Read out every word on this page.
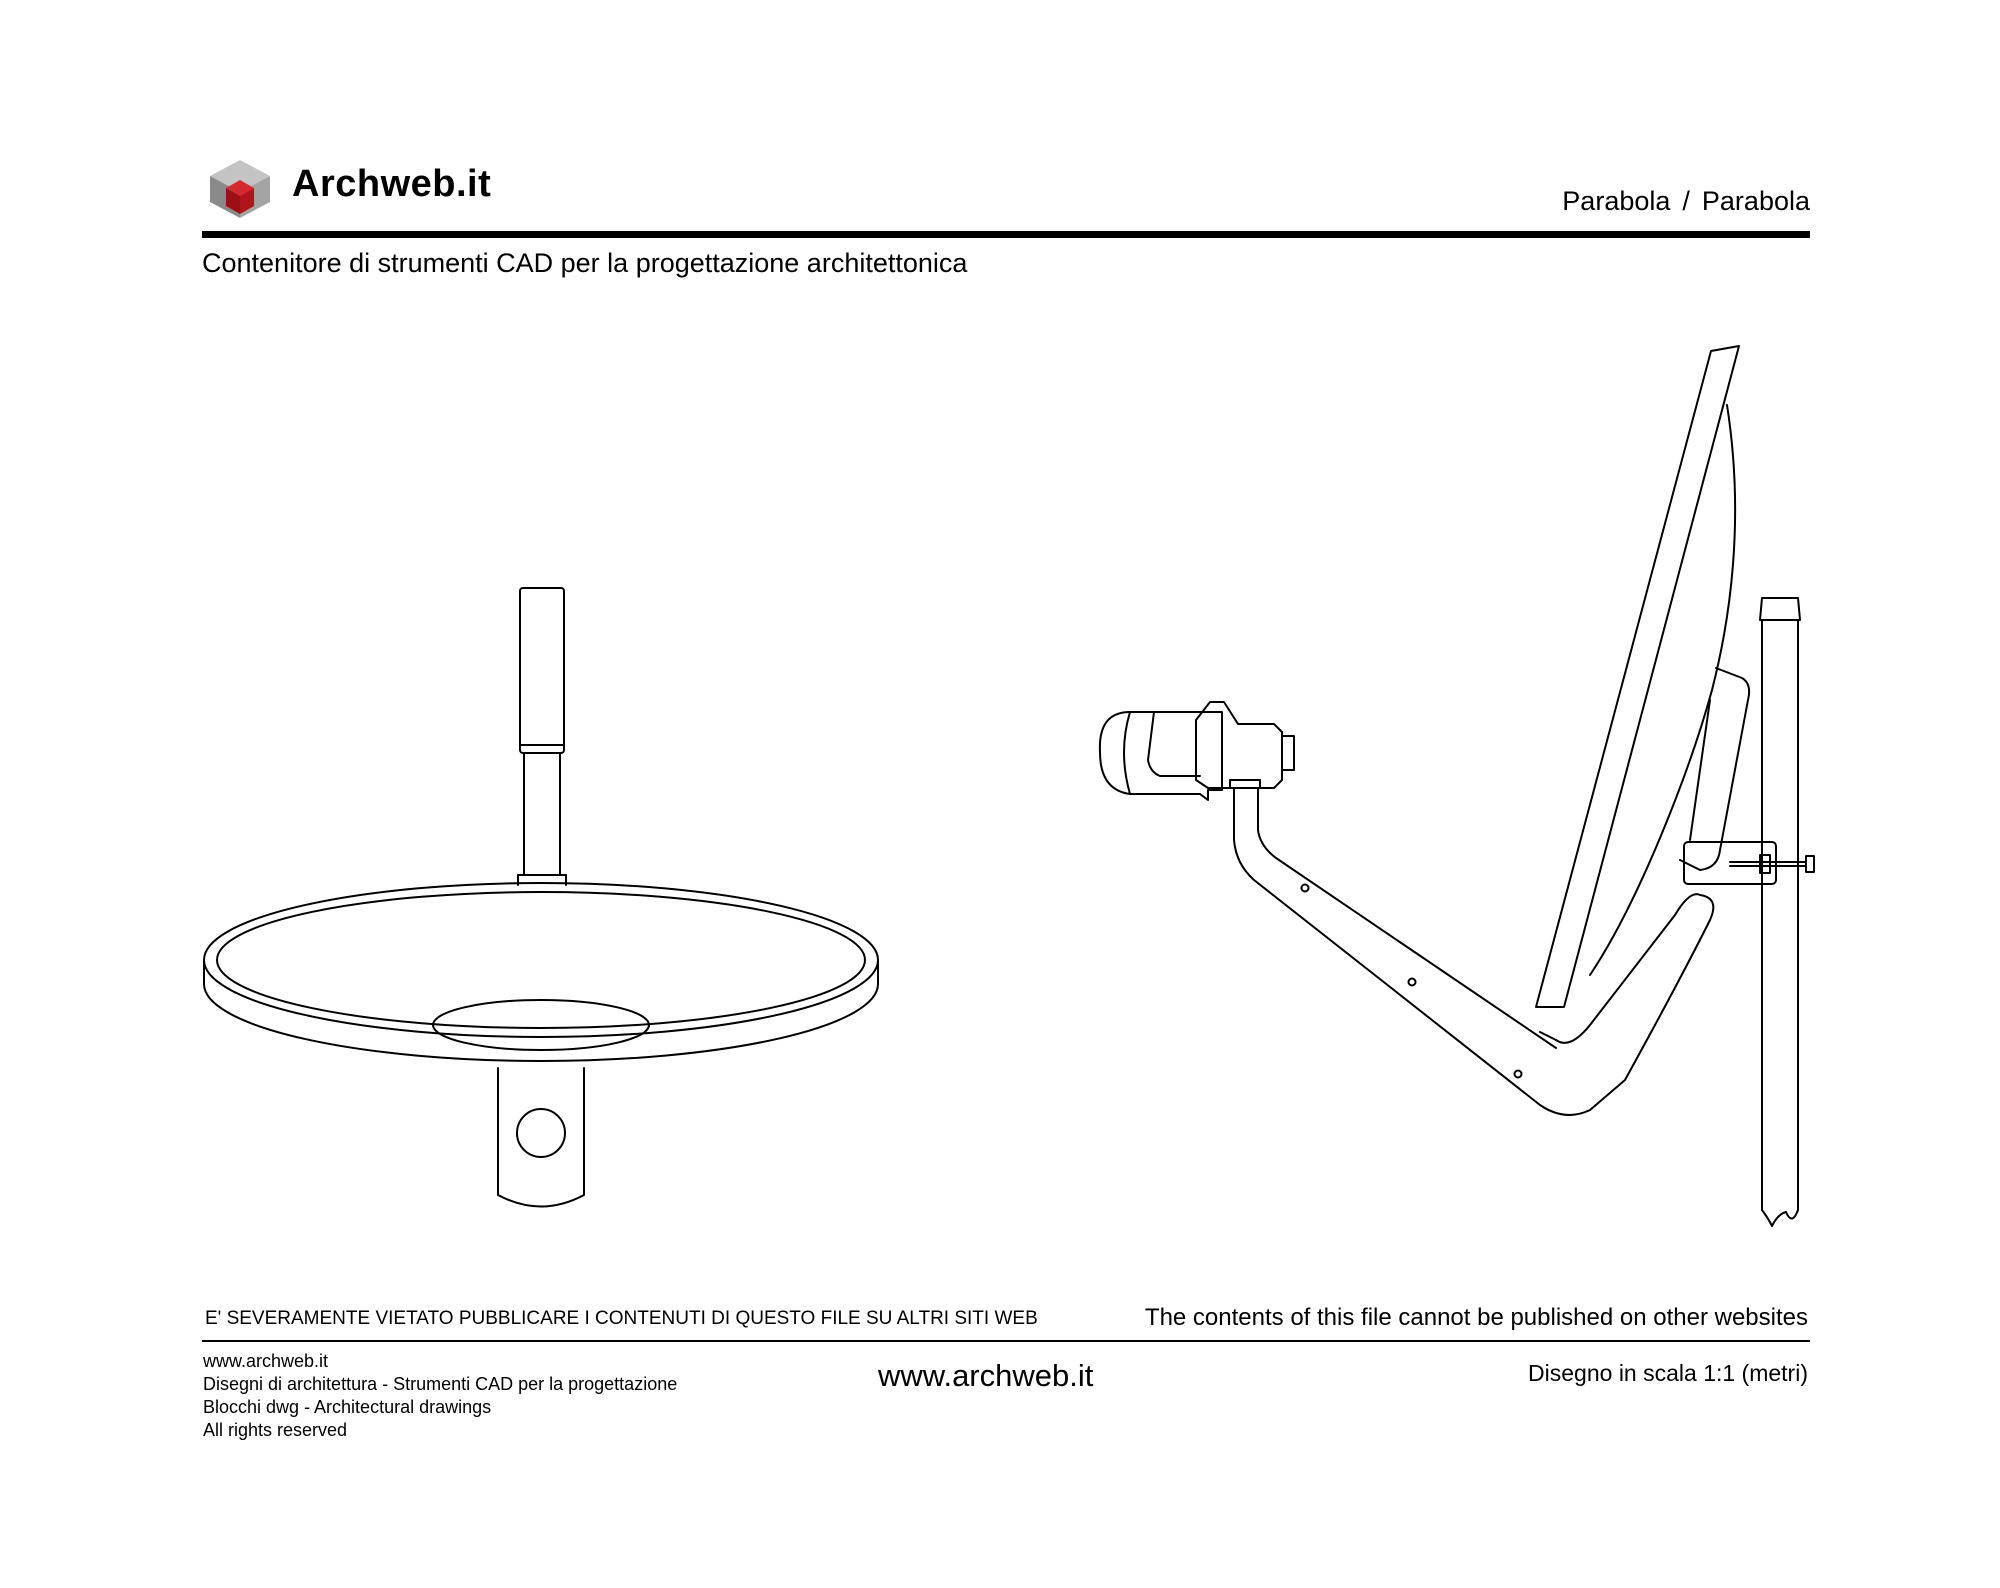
Archweb.it	Parabola / Parabola
Contenitore di strumenti CAD per la progettazione architettonica
E' SEVERAMENTE VIETATO PUBBLICARE I CONTENUTI DI QUESTO FILE SU ALTRI SITI WEB	The contents of this file cannot be published on other websites
www.archweb.it
Disegni di architettura - Strumenti CAD per la progettazione
Blocchi dwg - Architectural drawings
All rights reserved
www.archweb.it	Disegno in scala 1:1 (metri)
